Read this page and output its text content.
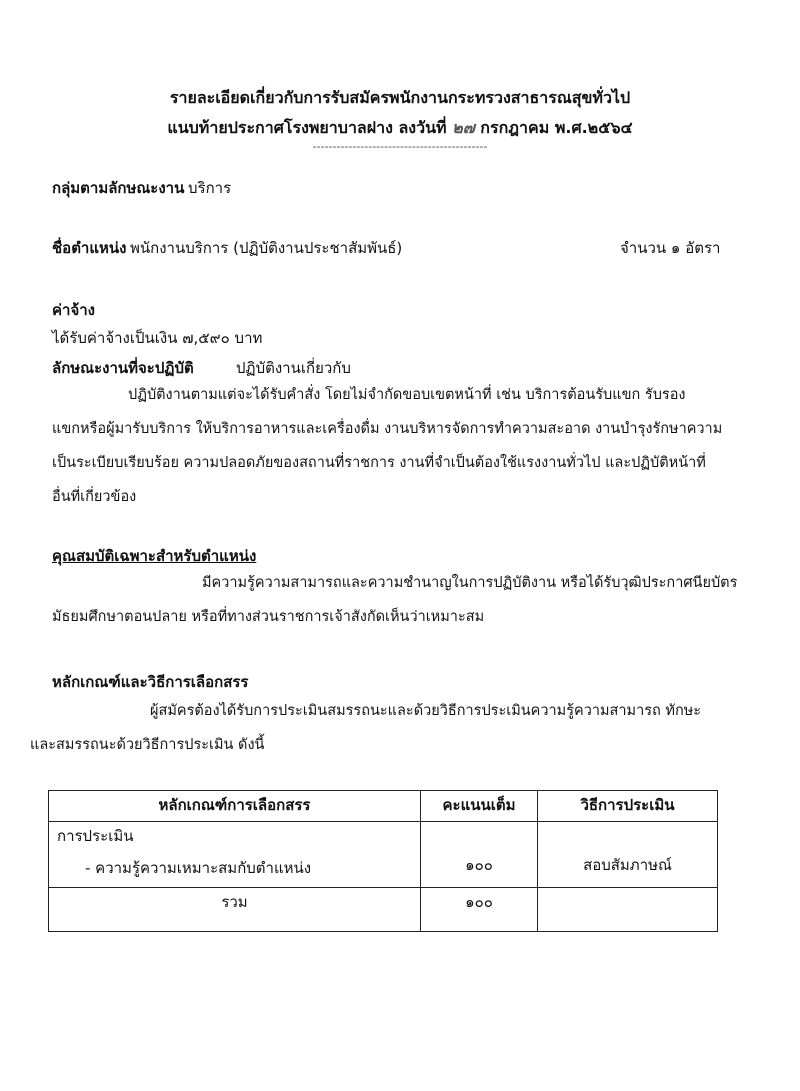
รายละเอียดเกี่ยวกับการรับสมัครพนักงานกระทรวงสาธารณสุขทั่วไป
แนบท้ายประกาศโรงพยาบาลฝาง ลงวันที่ ๒๗ กรกฎาคม พ.ศ.๒๕๖๔
--------------------------------------------
กลุ่มตามลักษณะงาน บริการ
ชื่อตำแหน่ง พนักงานบริการ (ปฏิบัติงานประชาสัมพันธ์)	จำนวน ๑ อัตรา
ค่าจ้าง
ได้รับค่าจ้างเป็นเงิน ๗,๕๙๐ บาท
ลักษณะงานที่จะปฏิบัติ	ปฏิบัติงานเกี่ยวกับ
ปฏิบัติงานตามแต่จะได้รับคำสั่ง โดยไม่จำกัดขอบเขตหน้าที่ เช่น บริการต้อนรับแขก รับรอง
แขกหรือผู้มารับบริการ ให้บริการอาหารและเครื่องดื่ม งานบริหารจัดการทำความสะอาด งานบำรุงรักษาความ
เป็นระเบียบเรียบร้อย ความปลอดภัยของสถานที่ราชการ งานที่จำเป็นต้องใช้แรงงานทั่วไป และปฏิบัติหน้าที่
อื่นที่เกี่ยวข้อง
คุณสมบัติเฉพาะสำหรับตำแหน่ง
มีความรู้ความสามารถและความชำนาญในการปฏิบัติงาน หรือได้รับวุฒิประกาศนียบัตร
มัธยมศึกษาตอนปลาย หรือที่ทางส่วนราชการเจ้าสังกัดเห็นว่าเหมาะสม
หลักเกณฑ์และวิธีการเลือกสรร
ผู้สมัครต้องได้รับการประเมินสมรรถนะและด้วยวิธีการประเมินความรู้ความสามารถ ทักษะ
และสมรรถนะด้วยวิธีการประเมิน ดังนี้
หลักเกณฑ์การเลือกสรร	คะแนนเต็ม	วิธีการประเมิน

การประเมิน
- ความรู้ความเหมาะสมกับตำแหน่ง	๑๐๐	สอบสัมภาษณ์
รวม	๑๐๐	
